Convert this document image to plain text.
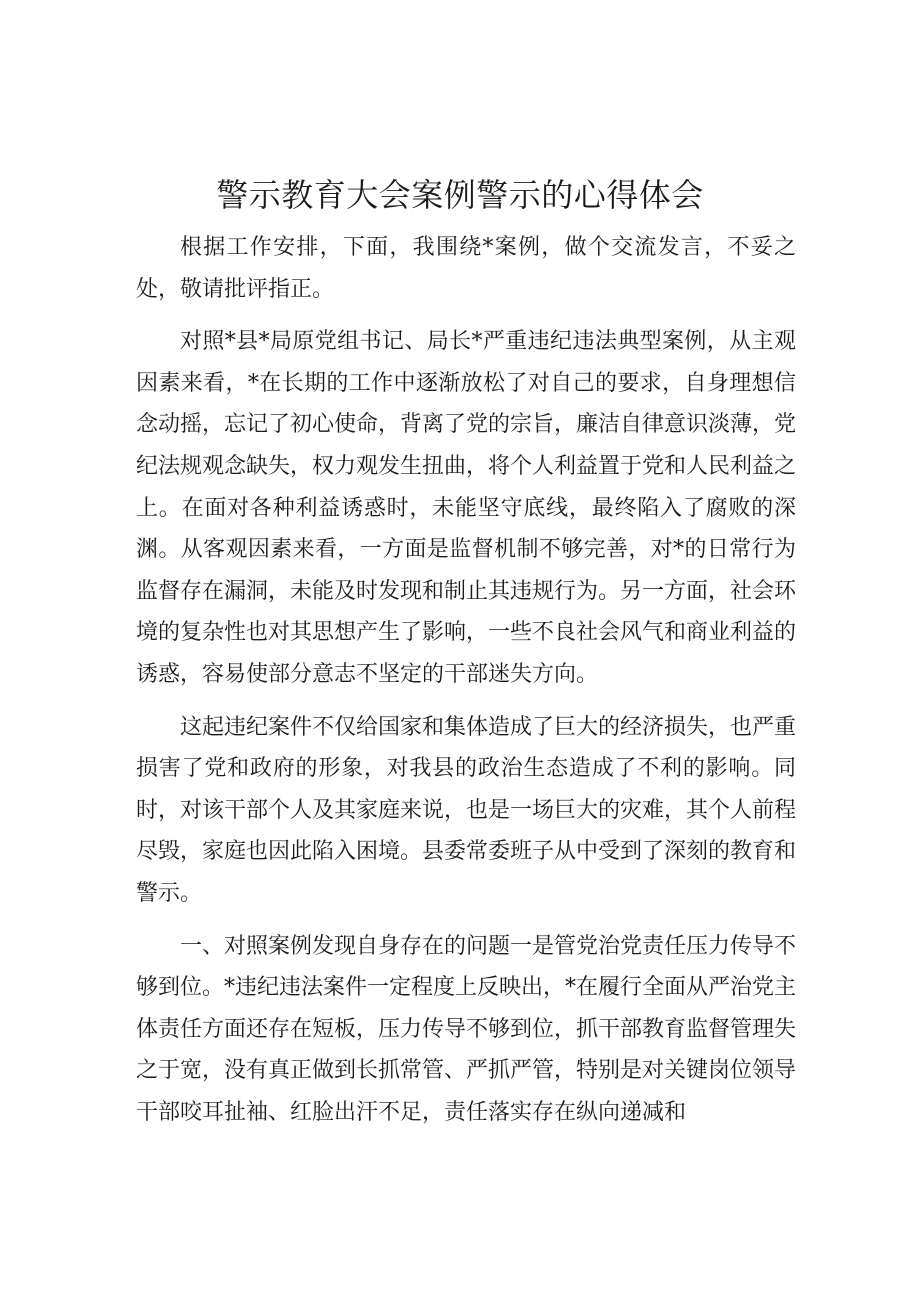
警示教育大会案例警示的心得体会

根据工作安排，下面，我围绕*案例，做个交流发言，不妥之处，敬请批评指正。

对照*县*局原党组书记、局长*严重违纪违法典型案例，从主观因素来看，*在长期的工作中逐渐放松了对自己的要求，自身理想信念动摇，忘记了初心使命，背离了党的宗旨，廉洁自律意识淡薄，党纪法规观念缺失，权力观发生扭曲，将个人利益置于党和人民利益之上。在面对各种利益诱惑时，未能坚守底线，最终陷入了腐败的深渊。从客观因素来看，一方面是监督机制不够完善，对*的日常行为监督存在漏洞，未能及时发现和制止其违规行为。另一方面，社会环境的复杂性也对其思想产生了影响，一些不良社会风气和商业利益的诱惑，容易使部分意志不坚定的干部迷失方向。

这起违纪案件不仅给国家和集体造成了巨大的经济损失，也严重损害了党和政府的形象，对我县的政治生态造成了不利的影响。同时，对该干部个人及其家庭来说，也是一场巨大的灾难，其个人前程尽毁，家庭也因此陷入困境。县委常委班子从中受到了深刻的教育和警示。

一、对照案例发现自身存在的问题一是管党治党责任压力传导不够到位。*违纪违法案件一定程度上反映出，*在履行全面从严治党主体责任方面还存在短板，压力传导不够到位，抓干部教育监督管理失之于宽，没有真正做到长抓常管、严抓严管，特别是对关键岗位领导干部咬耳扯袖、红脸出汗不足，责任落实存在纵向递减和
